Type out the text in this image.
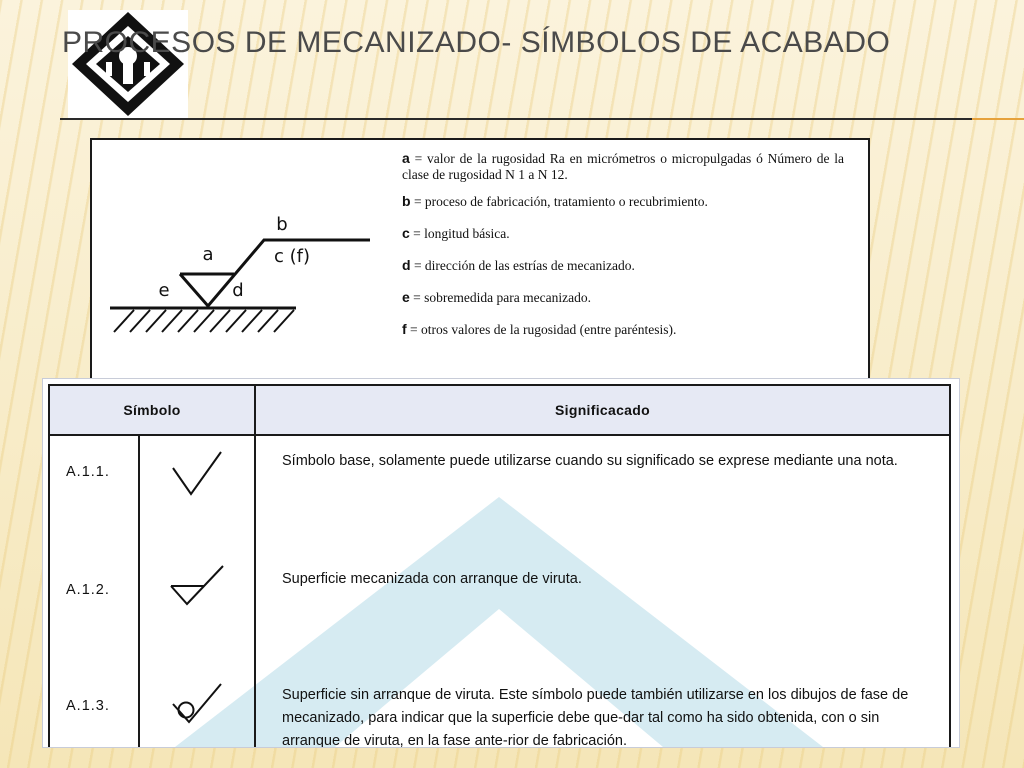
PROCESOS DE MECANIZADO- SÍMBOLOS DE ACABADO
a
b
c (f)
d
e
a = valor de la rugosidad Ra en micrómetros o micropulgadas ó Número de la clase de rugosidad N 1 a N 12.
b = proceso de fabricación, tratamiento o recubrimiento.
c = longitud básica.
d = dirección de las estrías de mecanizado.
e = sobremedida para mecanizado.
f = otros valores de la rugosidad (entre paréntesis).
Símbolo		Significacado
A.1.1.		Símbolo base, solamente puede utilizarse cuando su significado se exprese mediante una nota.
A.1.2.		Superficie mecanizada con arranque de viruta.
A.1.3.		Superficie sin arranque de viruta. Este símbolo puede también utilizarse en los dibujos de fase de mecanizado, para indicar que la superficie debe que-dar tal como ha sido obtenida, con o sin arranque de viruta, en la fase ante-rior de fabricación.
